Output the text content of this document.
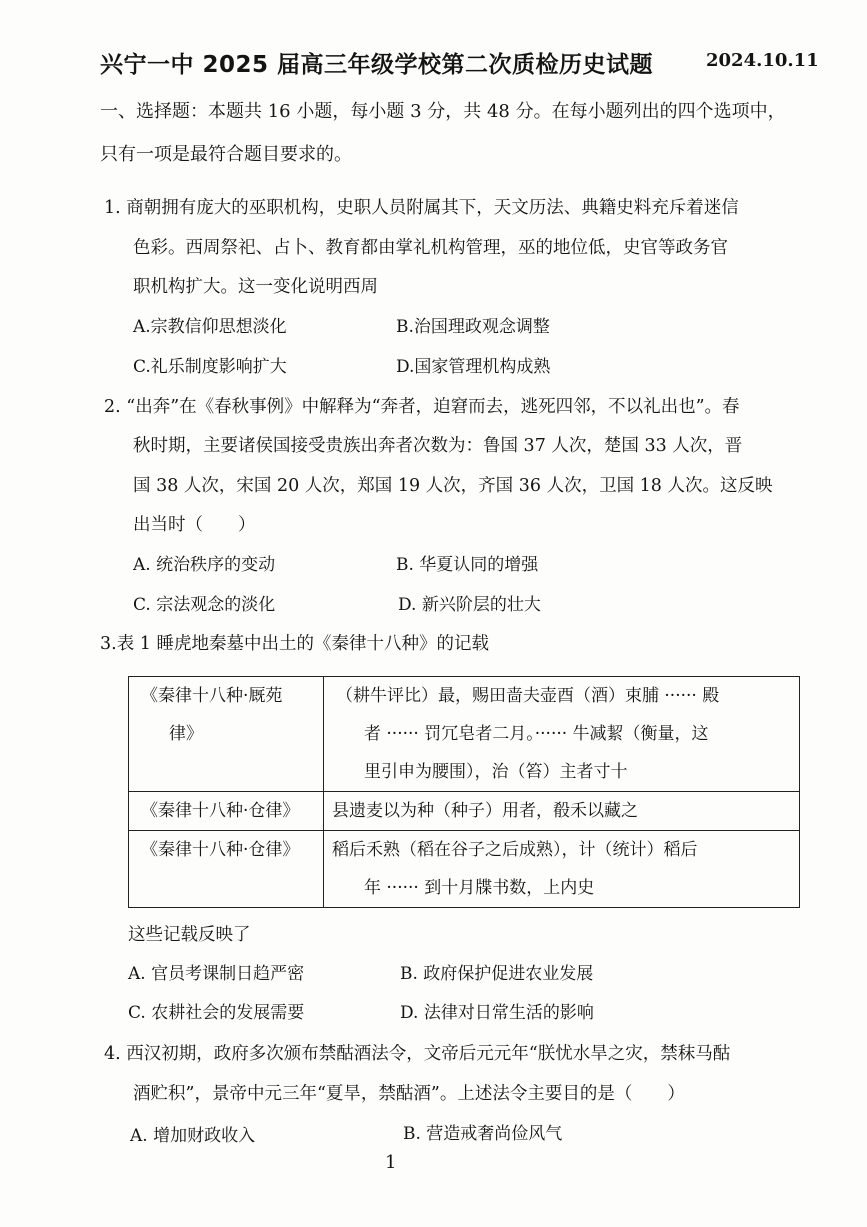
兴宁一中 2025 届高三年级学校第二次质检历史试题	2024.10.11
一、选择题：本题共 16 小题，每小题 3 分，共 48 分。在每小题列出的四个选项中，
只有一项是最符合题目要求的。
1. 商朝拥有庞大的巫职机构，史职人员附属其下，天文历法、典籍史料充斥着迷信
色彩。西周祭祀、占卜、教育都由掌礼机构管理，巫的地位低，史官等政务官
职机构扩大。这一变化说明西周
A.宗教信仰思想淡化	B.治国理政观念调整
C.礼乐制度影响扩大	D.国家管理机构成熟
2. “出奔”在《春秋事例》中解释为“奔者，迫窘而去，逃死四邻，不以礼出也”。春
秋时期，主要诸侯国接受贵族出奔者次数为：鲁国 37 人次，楚国 33 人次，晋
国 38 人次，宋国 20 人次，郑国 19 人次，齐国 36 人次，卫国 18 人次。这反映
出当时（　　）
A. 统治秩序的变动	B. 华夏认同的增强
C. 宗法观念的淡化	D. 新兴阶层的壮大
3.表 1 睡虎地秦墓中出土的《秦律十八种》的记载
《秦律十八种·厩苑
律》	（耕牛评比）最，赐田啬夫壶酉（酒）束脯 ······ 殿
者 ······ 罚冗皂者二月。······ 牛减絜（衡量，这
里引申为腰围），治（笞）主者寸十

《秦律十八种·仓律》	县遗麦以为种（种子）用者，殽禾以藏之

《秦律十八种·仓律》	稻后禾熟（稻在谷子之后成熟），计（统计）稻后
年 ······ 到十月牒书数，上内史
这些记载反映了
A. 官员考课制日趋严密	B. 政府保护促进农业发展
C. 农耕社会的发展需要	D. 法律对日常生活的影响
4. 西汉初期，政府多次颁布禁酤酒法令，文帝后元元年“朕忧水旱之灾，禁秣马酤
酒贮积”，景帝中元三年“夏旱，禁酤酒”。上述法令主要目的是（　　）
A. 增加财政收入	B. 营造戒奢尚俭风气
1
